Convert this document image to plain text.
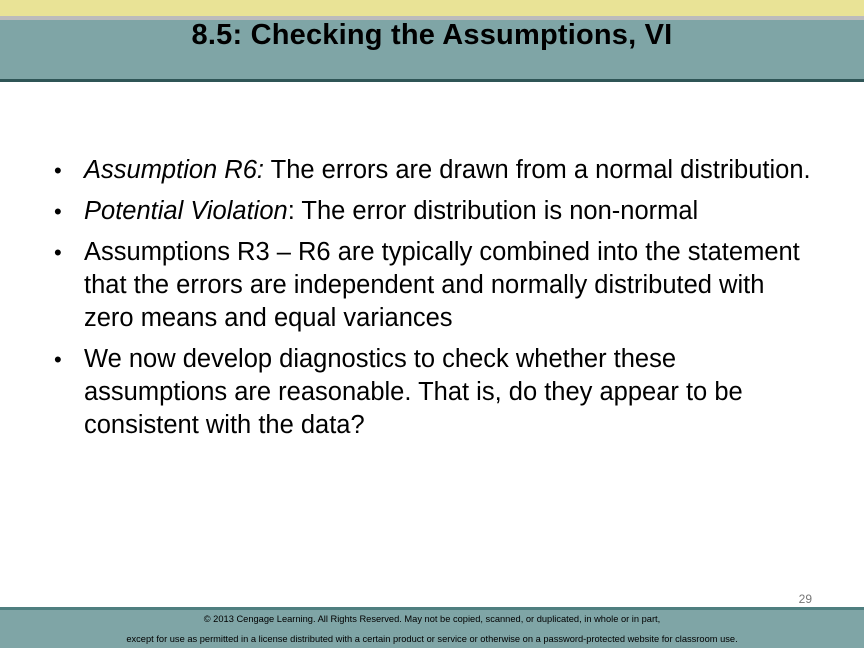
8.5: Checking the Assumptions, VI
• Assumption R6: The errors are drawn from a normal distribution.
• Potential Violation: The error distribution is non-normal
• Assumptions R3 – R6 are typically combined into the statement that the errors are independent and normally distributed with zero means and equal variances
• We now develop diagnostics to check whether these assumptions are reasonable. That is, do they appear to be consistent with the data?
29
© 2013 Cengage Learning. All Rights Reserved. May not be copied, scanned, or duplicated, in whole or in part,
except for use as permitted in a license distributed with a certain product or service or otherwise on a password-protected website for classroom use.
